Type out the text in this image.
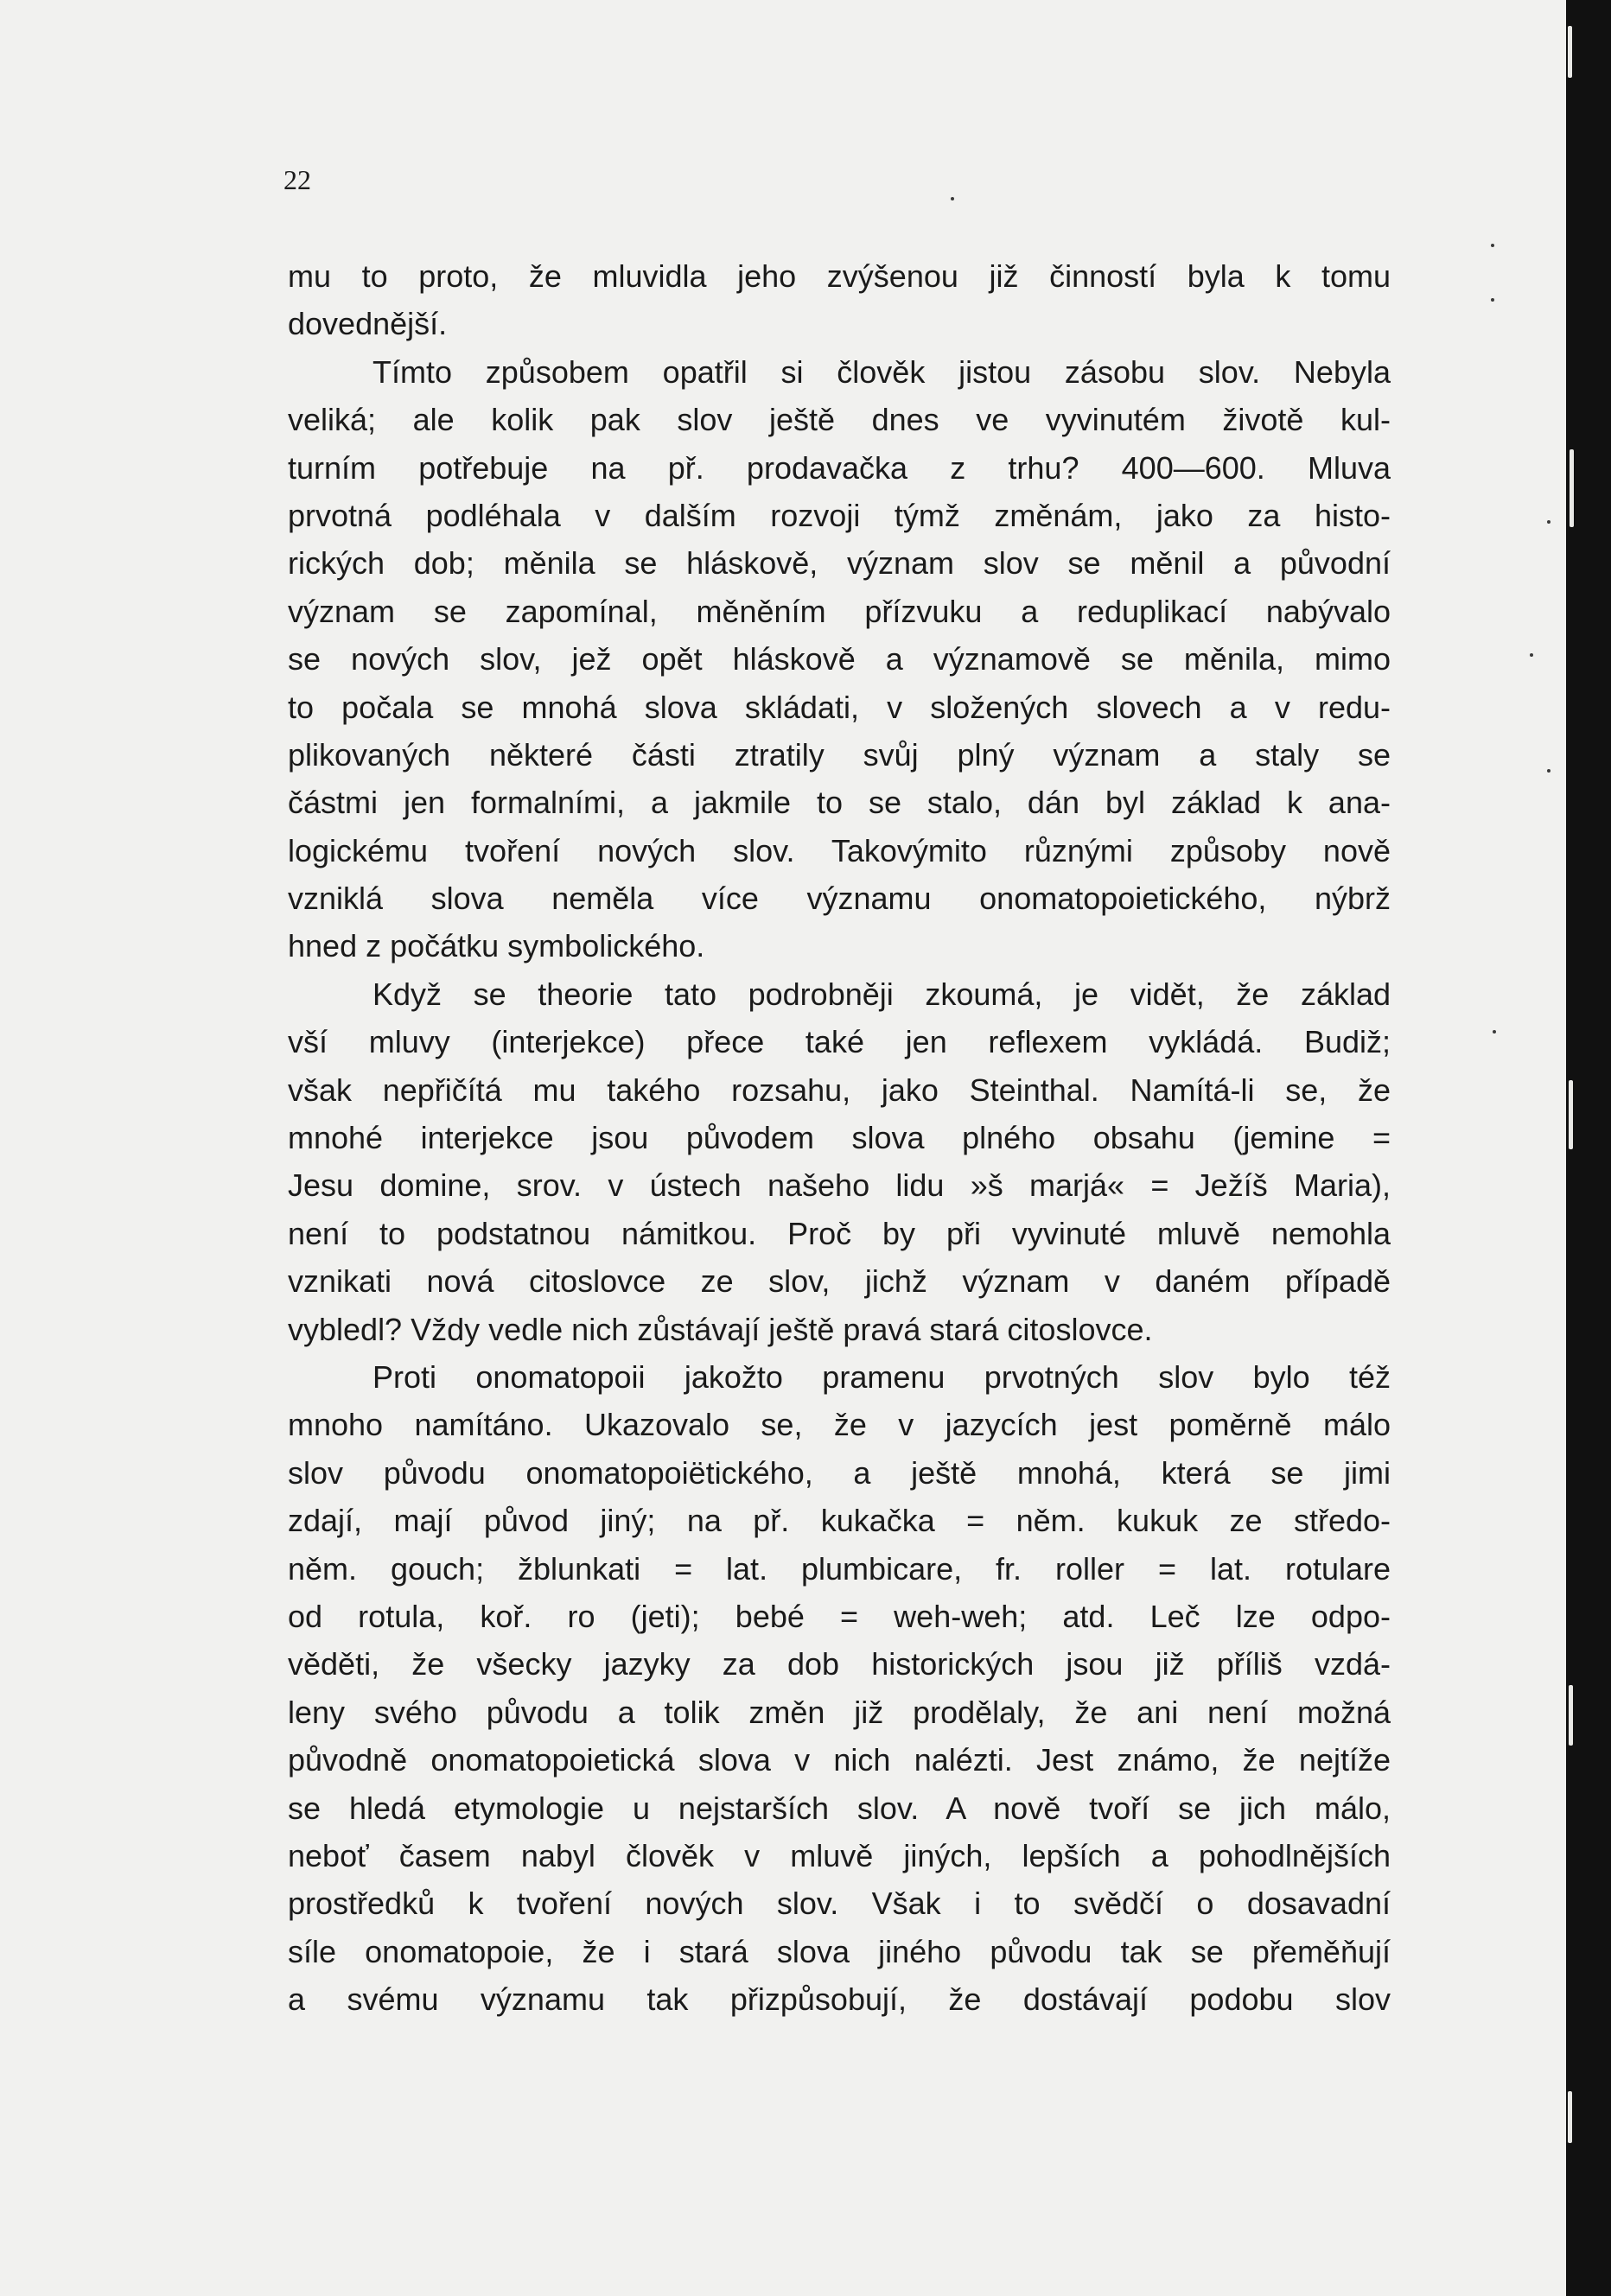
22
mu to proto, že mluvidla jeho zvýšenou již činností byla k tomu
dovednější.
Tímto způsobem opatřil si člověk jistou zásobu slov. Nebyla
veliká; ale kolik pak slov ještě dnes ve vyvinutém životě kul-
turním potřebuje na př. prodavačka z trhu? 400—600. Mluva
prvotná podléhala v dalším rozvoji týmž změnám, jako za histo-
rických dob; měnila se hláskově, význam slov se měnil a původní
význam se zapomínal, měněním přízvuku a reduplikací nabývalo
se nových slov, jež opět hláskově a významově se měnila, mimo
to počala se mnohá slova skládati, v složených slovech a v redu-
plikovaných některé části ztratily svůj plný význam a staly se
částmi jen formalními, a jakmile to se stalo, dán byl základ k ana-
logickému tvoření nových slov. Takovýmito různými způsoby nově
vzniklá slova neměla více významu onomatopoietického, nýbrž
hned z počátku symbolického.
Když se theorie tato podrobněji zkoumá, je vidět, že základ
vší mluvy (interjekce) přece také jen reflexem vykládá. Budiž;
však nepřičítá mu takého rozsahu, jako Steinthal. Namítá-li se, že
mnohé interjekce jsou původem slova plného obsahu (jemine =
Jesu domine, srov. v ústech našeho lidu »š marjá« = Ježíš Maria),
není to podstatnou námitkou. Proč by při vyvinuté mluvě nemohla
vznikati nová citoslovce ze slov, jichž význam v daném případě
vybledl? Vždy vedle nich zůstávají ještě pravá stará citoslovce.
Proti onomatopoii jakožto pramenu prvotných slov bylo též
mnoho namítáno. Ukazovalo se, že v jazycích jest poměrně málo
slov původu onomatopoiëtického, a ještě mnohá, která se jimi
zdají, mají původ jiný; na př. kukačka = něm. kukuk ze středo-
něm. gouch; žblunkati = lat. plumbicare, fr. roller = lat. rotulare
od rotula, koř. ro (jeti); bebé = weh-weh; atd. Leč lze odpo-
věděti, že všecky jazyky za dob historických jsou již příliš vzdá-
leny svého původu a tolik změn již prodělaly, že ani není možná
původně onomatopoietická slova v nich nalézti. Jest známo, že nejtíže
se hledá etymologie u nejstarších slov. A nově tvoří se jich málo,
neboť časem nabyl člověk v mluvě jiných, lepších a pohodlnějších
prostředků k tvoření nových slov. Však i to svědčí o dosavadní
síle onomatopoie, že i stará slova jiného původu tak se přeměňují
a svému významu tak přizpůsobují, že dostávají podobu slov
